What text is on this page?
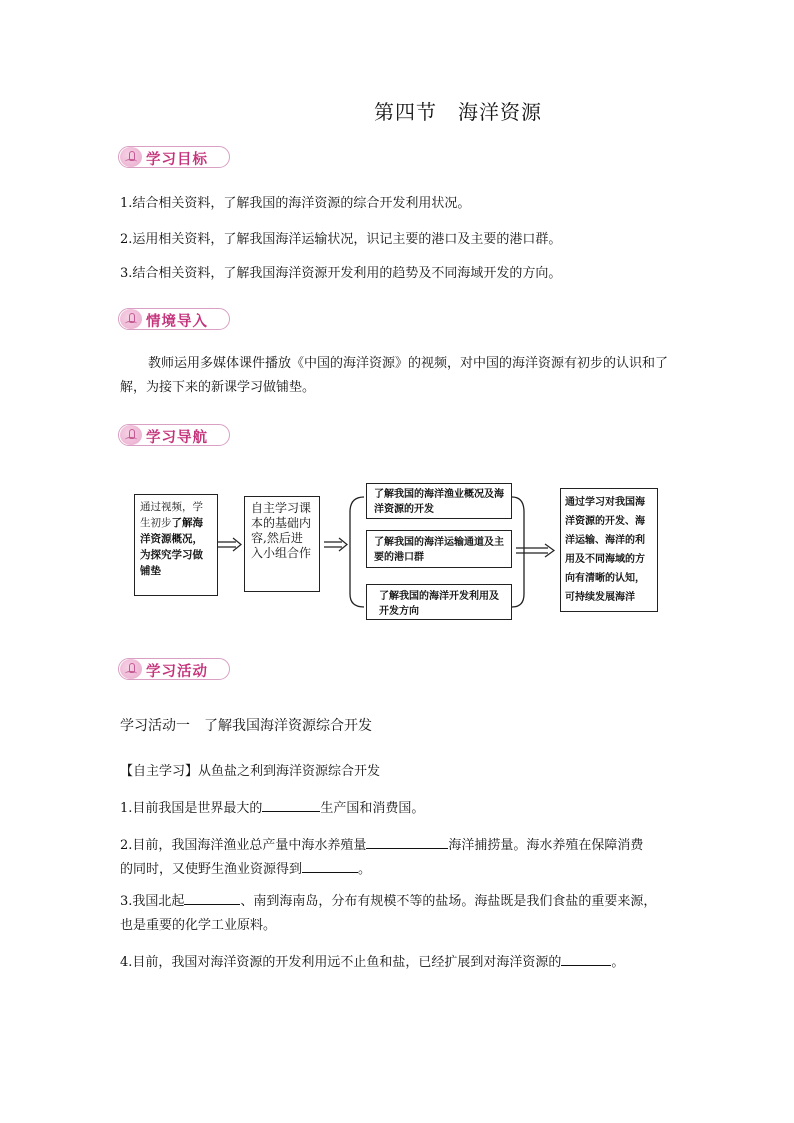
第四节　海洋资源
学习目标
1.结合相关资料，了解我国的海洋资源的综合开发利用状况。
2.运用相关资料，了解我国海洋运输状况，识记主要的港口及主要的港口群。
3.结合相关资料，了解我国海洋资源开发利用的趋势及不同海域开发的方向。
情境导入
教师运用多媒体课件播放《中国的海洋资源》的视频，对中国的海洋资源有初步的认识和了解，为接下来的新课学习做铺垫。
学习导航
通过视频，学生初步了解海洋资源概况，为探究学习做铺垫
自主学习课本的基础内容,然后进入小组合作
了解我国的海洋渔业概况及海洋资源的开发
了解我国的海洋运输通道及主要的港口群
了解我国的海洋开发利用及开发方向
通过学习对我国海洋资源的开发、海洋运输、海洋的利用及不同海域的方向有清晰的认知，可持续发展海洋
学习活动
学习活动一　了解我国海洋资源综合开发
【自主学习】从鱼盐之利到海洋资源综合开发
1.目前我国是世界最大的	生产国和消费国。
2.目前，我国海洋渔业总产量中海水养殖量	海洋捕捞量。海水养殖在保障消费
的同时，又使野生渔业资源得到	。
3.我国北起	、南到海南岛，分布有规模不等的盐场。海盐既是我们食盐的重要来源，
也是重要的化学工业原料。
4.目前，我国对海洋资源的开发利用远不止鱼和盐，已经扩展到对海洋资源的	。
